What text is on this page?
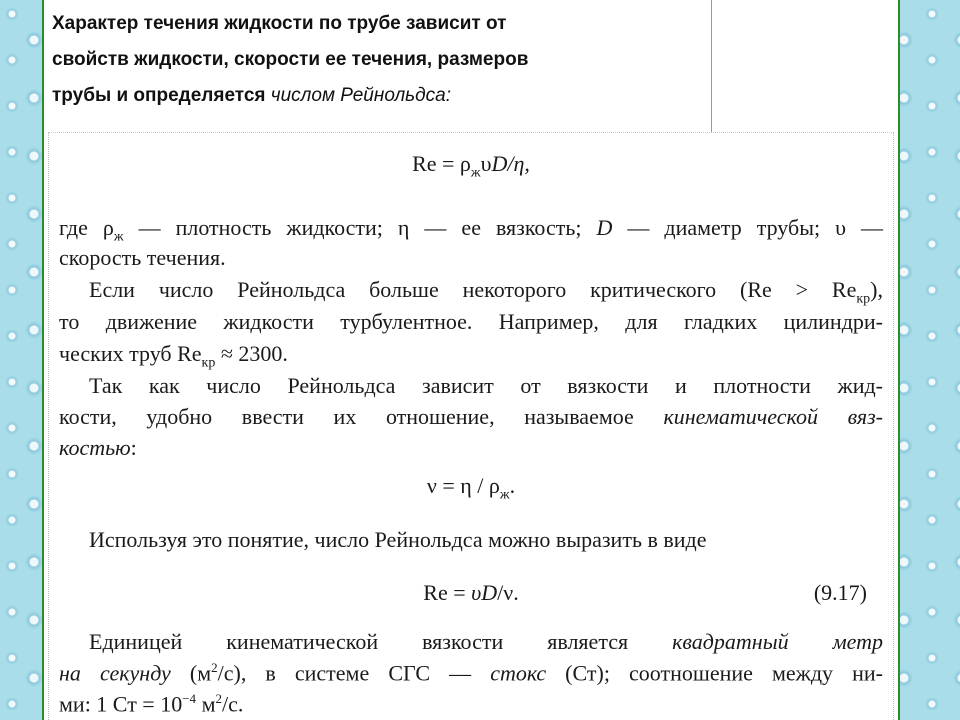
Характер течения жидкости по трубе зависит от
свойств жидкости, скорости ее течения, размеров
трубы и определяется числом Рейнольдса:

$Re = \rho_ж\upsilon D/\eta$,
где $\rho_ж$ — плотность жидкости; η — ее вязкость; D — диаметр трубы; υ —
скорость течения.
Если число Рейнольдса больше некоторого критического $(Re > Re_{кр})$,
то движение жидкости турбулентное. Например, для гладких цилиндри-
ческих труб $Re_{кр} \approx 2300$.
Так как число Рейнольдса зависит от вязкости и плотности жид-
кости, удобно ввести их отношение, называемое кинематической вяз-
костью:
$\nu = \eta / \rho_ж$.
Используя это понятие, число Рейнольдса можно выразить в виде
Re = υD/ν.	(9.17)
Единицей кинематической вязкости является квадратный метр
на секунду $(м^2/с)$, в системе СГС — стокс (Ст); соотношение между ни-
ми: 1 Ст = $10^{-4}$ $м^2/с$.
